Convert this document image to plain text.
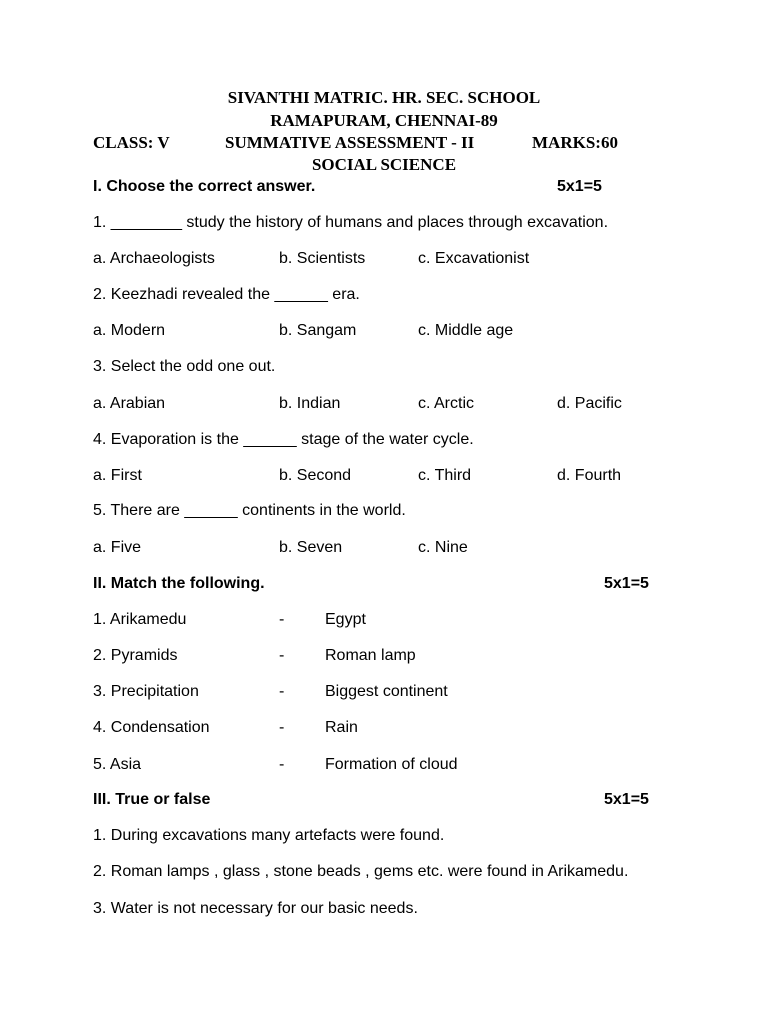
SIVANTHI MATRIC. HR. SEC. SCHOOL
RAMAPURAM, CHENNAI-89
CLASS: V	SUMMATIVE ASSESSMENT - II	MARKS:60
SOCIAL SCIENCE
I. Choose the correct answer.	5x1=5
1. ________ study the history of humans and places through excavation.
a. Archaeologists	b. Scientists	c. Excavationist
2. Keezhadi revealed the ______ era.
a. Modern	b. Sangam	c. Middle age
3. Select the odd one out.
a. Arabian	b. Indian	c. Arctic	d. Pacific
4. Evaporation is the ______ stage of the water cycle.
a. First	b. Second	c. Third	d. Fourth
5. There are ______ continents in the world.
a. Five	b. Seven	c. Nine
II. Match the following.	5x1=5
1. Arikamedu	-	Egypt
2. Pyramids	-	Roman lamp
3. Precipitation	-	Biggest continent
4. Condensation	-	Rain
5. Asia	-	Formation of cloud
III. True or false	5x1=5
1. During excavations many artefacts were found.
2. Roman lamps , glass , stone beads , gems etc. were found in Arikamedu.
3. Water is not necessary for our basic needs.
